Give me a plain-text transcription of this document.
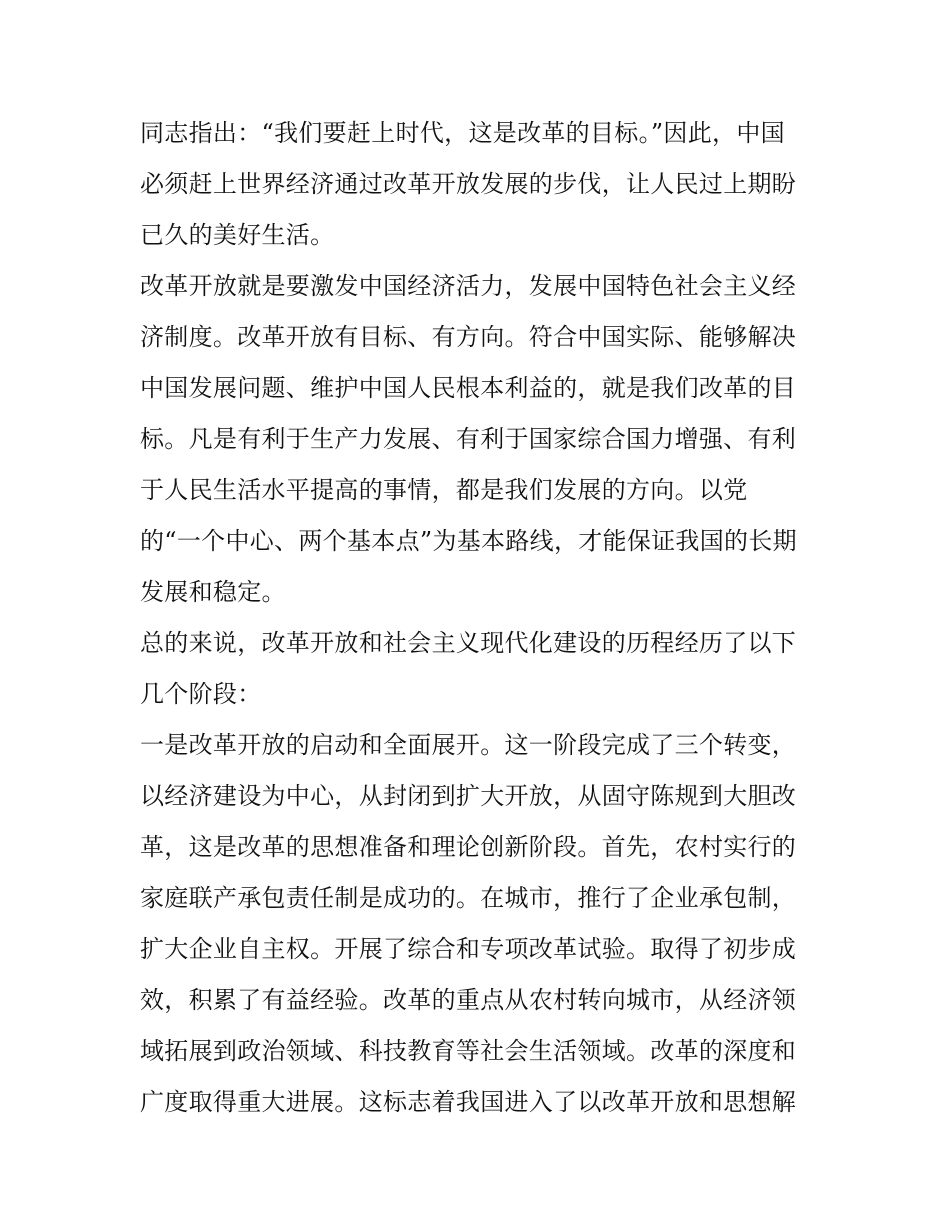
同志指出：“我们要赶上时代，这是改革的目标。”因此，中国
必须赶上世界经济通过改革开放发展的步伐，让人民过上期盼
已久的美好生活。
改革开放就是要激发中国经济活力，发展中国特色社会主义经
济制度。改革开放有目标、有方向。符合中国实际、能够解决
中国发展问题、维护中国人民根本利益的，就是我们改革的目
标。凡是有利于生产力发展、有利于国家综合国力增强、有利
于人民生活水平提高的事情，都是我们发展的方向。以党
的“一个中心、两个基本点”为基本路线，才能保证我国的长期
发展和稳定。
总的来说，改革开放和社会主义现代化建设的历程经历了以下
几个阶段：
一是改革开放的启动和全面展开。这一阶段完成了三个转变，
以经济建设为中心，从封闭到扩大开放，从固守陈规到大胆改
革，这是改革的思想准备和理论创新阶段。首先，农村实行的
家庭联产承包责任制是成功的。在城市，推行了企业承包制，
扩大企业自主权。开展了综合和专项改革试验。取得了初步成
效，积累了有益经验。改革的重点从农村转向城市，从经济领
域拓展到政治领域、科技教育等社会生活领域。改革的深度和
广度取得重大进展。这标志着我国进入了以改革开放和思想解
